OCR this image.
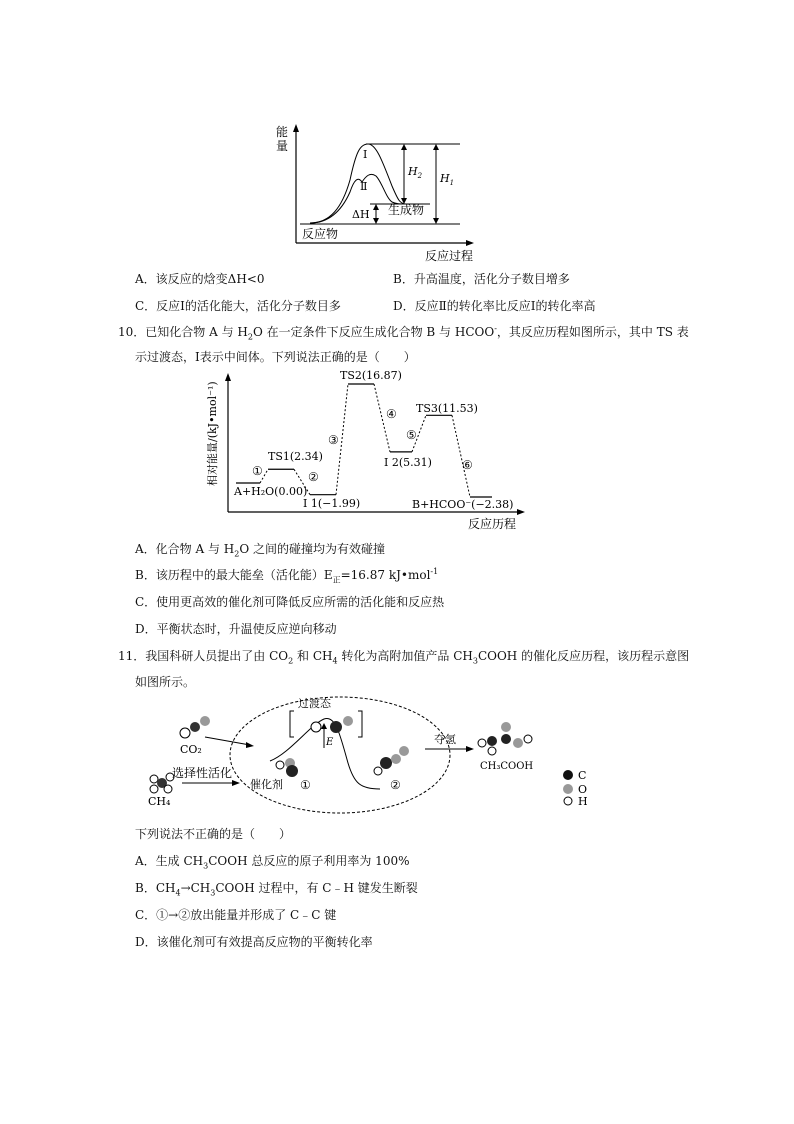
能
量
反应过程
Ⅰ
Ⅱ
$H_2$ $H_1$
ΔH 生成物
反应物
A．该反应的焓变ΔH<0	B．升高温度，活化分子数目增多
C．反应Ⅰ的活化能大，活化分子数目多	D．反应Ⅱ的转化率比反应Ⅰ的转化率高
10．已知化合物 A 与 $H_2O$ 在一定条件下反应生成化合物 B 与 HCOO-，其反应历程如图所示，其中 TS 表
示过渡态，Ⅰ表示中间体。下列说法正确的是（　　）
相对能量/(kJ•mol⁻¹)
反应历程
A+H₂O(0.00)
TS1(2.34)
I 1(−1.99)
TS2(16.87)
I 2(5.31)
TS3(11.53)
B+HCOO⁻(−2.38)
①	②
③
④
⑤
⑥
A．化合物 A 与 $H_2O$ 之间的碰撞均为有效碰撞
B．该历程中的最大能垒（活化能）$E_正=16.87$ kJ•mol$^{-1}$
C．使用更高效的催化剂可降低反应所需的活化能和反应热
D．平衡状态时，升温使反应逆向移动
11．我国科研人员提出了由 $CO_2$ 和 $CH_4$ 转化为高附加值产品 $CH_3COOH$ 的催化反应历程，该历程示意图
如图所示。
CO₂
CH₄
选择性活化
E
过渡态
催化剂 ①	②
夺氢
CH₃COOH
C
O
H
下列说法不正确的是（　　）
A．生成 $CH_3COOH$ 总反应的原子利用率为 100%
B．$CH_4\to CH_3COOH$ 过程中，有 C﹣H 键发生断裂
C．①→②放出能量并形成了 C﹣C 键
D．该催化剂可有效提高反应物的平衡转化率
